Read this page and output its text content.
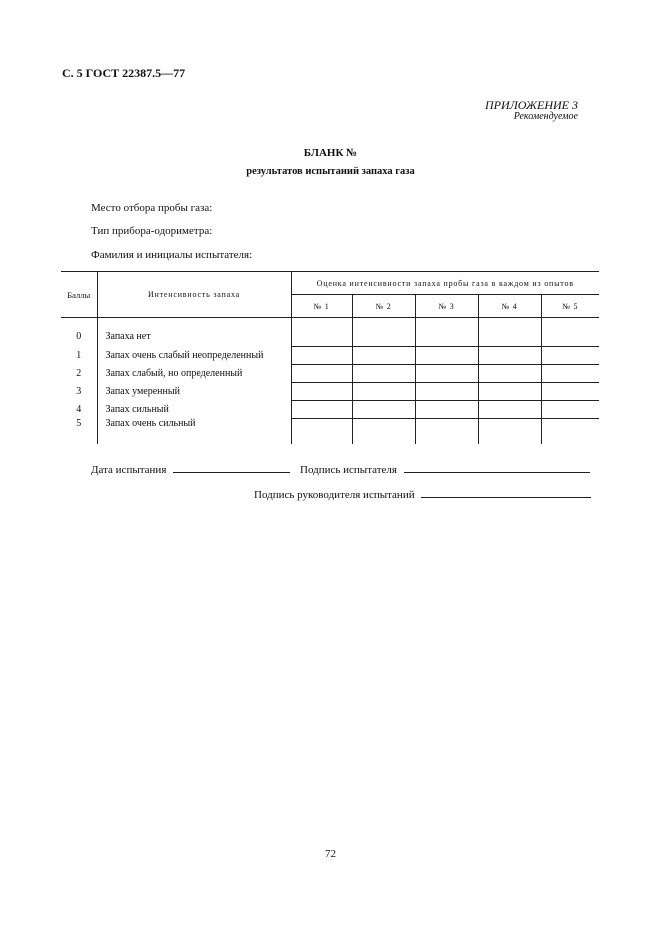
С. 5 ГОСТ 22387.5—77
ПРИЛОЖЕНИЕ 3
Рекомендуемое
БЛАНК №
результатов испытаний запаха газа
Место отбора пробы газа:
Тип прибора-одориметра:
Фамилия и инициалы испытателя:
Баллы	Интенсивность запаха	Оценка интенсивности запаха пробы газа в каждом из опытов				
		№ 1	№ 2	№ 3	№ 4	№ 5
0	Запаха нет					
1	Запах очень слабый неопределенный					
2	Запах слабый, но определенный					
3	Запах умеренный					
4	Запах сильный					
5	Запах очень сильный					
Дата испытания	Подпись испытателя
Подпись руководителя испытаний
72
